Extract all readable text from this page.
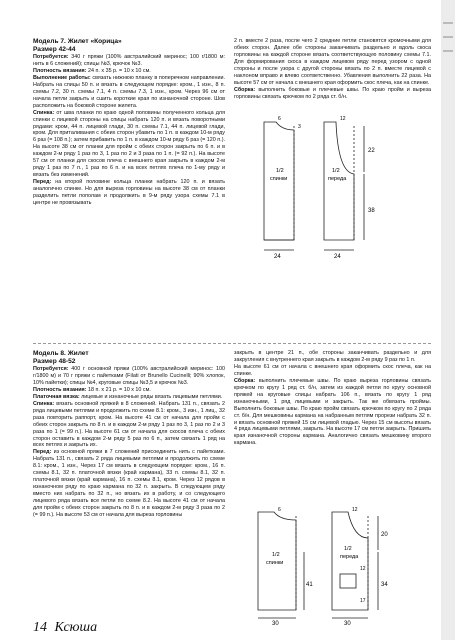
Модель 7. Жилет «Корица»
Размер 42-44

Потребуется: 340 г пряжи (100% австралийский меринос; 100 г/1800 м: нить в 6 сложений); спицы №3, крючок №3.

Плотность вязания: 24 п. х 35 р. = 10 х 10 см.

Выполнение работы: связать нижнюю планку в поперечном направлении. Набрать на спицы 50 п. и вязать в следующем порядке: кром., 1 изн., 8 п. схемы 7.2, 30 п. схемы 7.1, 4 п. схемы 7.3, 1 изн., кром. Через 96 см от начала петли закрыть и сшить короткие края по изнаночной стороне. Шов расположить на боковой стороне жилета.

Спинка: от шва планки по краю одной половины полученного кольца для спинки с лицевой стороны на спицы набрать 120 п. и вязать поворотными рядами: кром, 44 п. лицевой глади, 30 п. схемы 7.1, 44 п. лицевой глади, кром. Для приталивания с обеих сторон убавить по 1 п. в каждом 10-м ряду 6 раз (= 108 п.); затем прибавить по 1 п. в каждом 10-м ряду 6 раз (= 120 п.). На высоте 38 см от планки для пройм с обеих сторон закрыть по 6 п. и в каждом 2-м ряду 1 раз по 3, 1 раз по 2 и 3 раза по 1 п. (= 92 п.). На высоте 57 см от планки для скосов плеча с внешнего края закрыть в каждом 2-м ряду 1 раз по 7 п., 1 раз по 6 п. и на всех петлях плеча по 1-му ряду и вязать без изменений.

Перед: на второй половине кольца планки набрать 120 п. и вязать аналогично спинке. Но для выреза горловины на высоте 38 см от планки разделить петли пополам и продолжить в 9-м ряду узора схемы 7.1 в центре не провязывать

2 п. вместе 2 раза, после чего 2 средние петли становятся кромочными для обеих сторон. Далее обе стороны заканчивать раздельно и вдоль скоса горловины на каждой стороне вязать соответствующую половину схемы 7.1. Для формирования скоса в каждом лицевом ряду перед узором с одной стороны и после узора с другой стороны вязать по 2 п. вместе лицевой с наклоном вправо и влево соответственно. Убавления выполнить 22 раза. На высоте 57 см от начала с внешнего края оформить скос плеча, как на спинке.

Сборка: выполнить боковые и плечевые швы. По краю пройм и выреза горловины связать крючком по 2 ряда ст. б/н.

1/2
спинки
1/2
переда
24	24
22
38
12
6
3
Модель 8. Жилет
Размер 48-52

Потребуется: 400 г основной пряжи (100% австралийский меринос: 100 г/1800 м) и 70 г пряжи с пайетками (Filati от Brunello Cucinelli; 90% хлопок, 10% пайетки); спицы №4, круговые спицы №3,5 и крючок №3.

Плотность вязания: 18 п. х 21 р. = 10 х 10 см.

Платочная вязка: лицевые и изнаночные ряды вязать лицевыми петлями.

Спинка: вязать основной пряжей в 8 сложений. Набрать 131 п., связать 2 ряда лицевыми петлями и продолжить по схеме 8.1: кром., 3 изн., 1 лиц., 32 раза повторить раппорт, кром. На высоте 41 см от начала для пройм с обеих сторон закрыть по 8 п. и в каждом 2-м ряду 1 раз по 3, 1 раз по 2 и 3 раза по 1 (= 99 п.). На высоте 61 см от начала для скосов плеча с обеих сторон оставить в каждом 2-м ряду 5 раз по 6 п., затем связать 1 ряд на всех петлях и закрыть их.

Перед: из основной пряжи в 7 сложений присоединить нить с пайетками. Набрать 131 п., связать 2 ряда лицевыми петлями и продолжить по схеме 8.1: кром., 1 изн., Через 17 см вязать в следующем порядке: кром., 16 п. схемы 8.1, 32 п. платочной вязки (край кармана), 33 п. схемы 8.1, 32 п. платочной вязки (край кармана), 16 п. схемы 8.1, кром. Через 12 рядов в изнаночном ряду по краю кармана по 32 п. закрыть. В следующем ряду вместо них набрать по 32 п., но вязать их в работу, и со следующего лицевого ряда вязать все петли по схеме 8.2. На высоте 41 см от начала для пройм с обеих сторон закрыть по 8 п. и в каждом 2-м ряду 3 раза по 2 (= 99 п.). На высоте 53 см от начала для выреза горловины

закрыть в центре 21 п., обе стороны заканчивать раздельно и для закругления с внутреннего края закрыть в каждом 2-м ряду 9 раз по 1 п.

На высоте 61 см от начала с внешнего края оформить скос плеча, как на спинке.

Сборка: выполнить плечевые швы. По краю выреза горловины связать крючком по кругу 1 ряд ст. б/н, затем из каждой петли по кругу основной пряжей на круговые спицы набрать 106 п., вязать по кругу 1 ряд изнаночными, 1 ряд лицевыми и закрыть. Так же обвязать проймы. Выполнить боковые швы. По краю пройм связать крючком по кругу по 2 ряда ст. б/н. Для мешковины кармана на набранным петлям прорези набрать 32 п. и вязать основной пряжей 15 см лицевой гладью. Через 15 см высоты вязать 4 ряда лицевыми петлями, закрыть. На высоте 17 см петли закрыть. Пришить края изнаночной стороны кармана. Аналогично связать мешковину второго кармана.

1/2
спинки
1/2
переда
30	30
20
34
41
17
12
6	12
14 Ксюша
